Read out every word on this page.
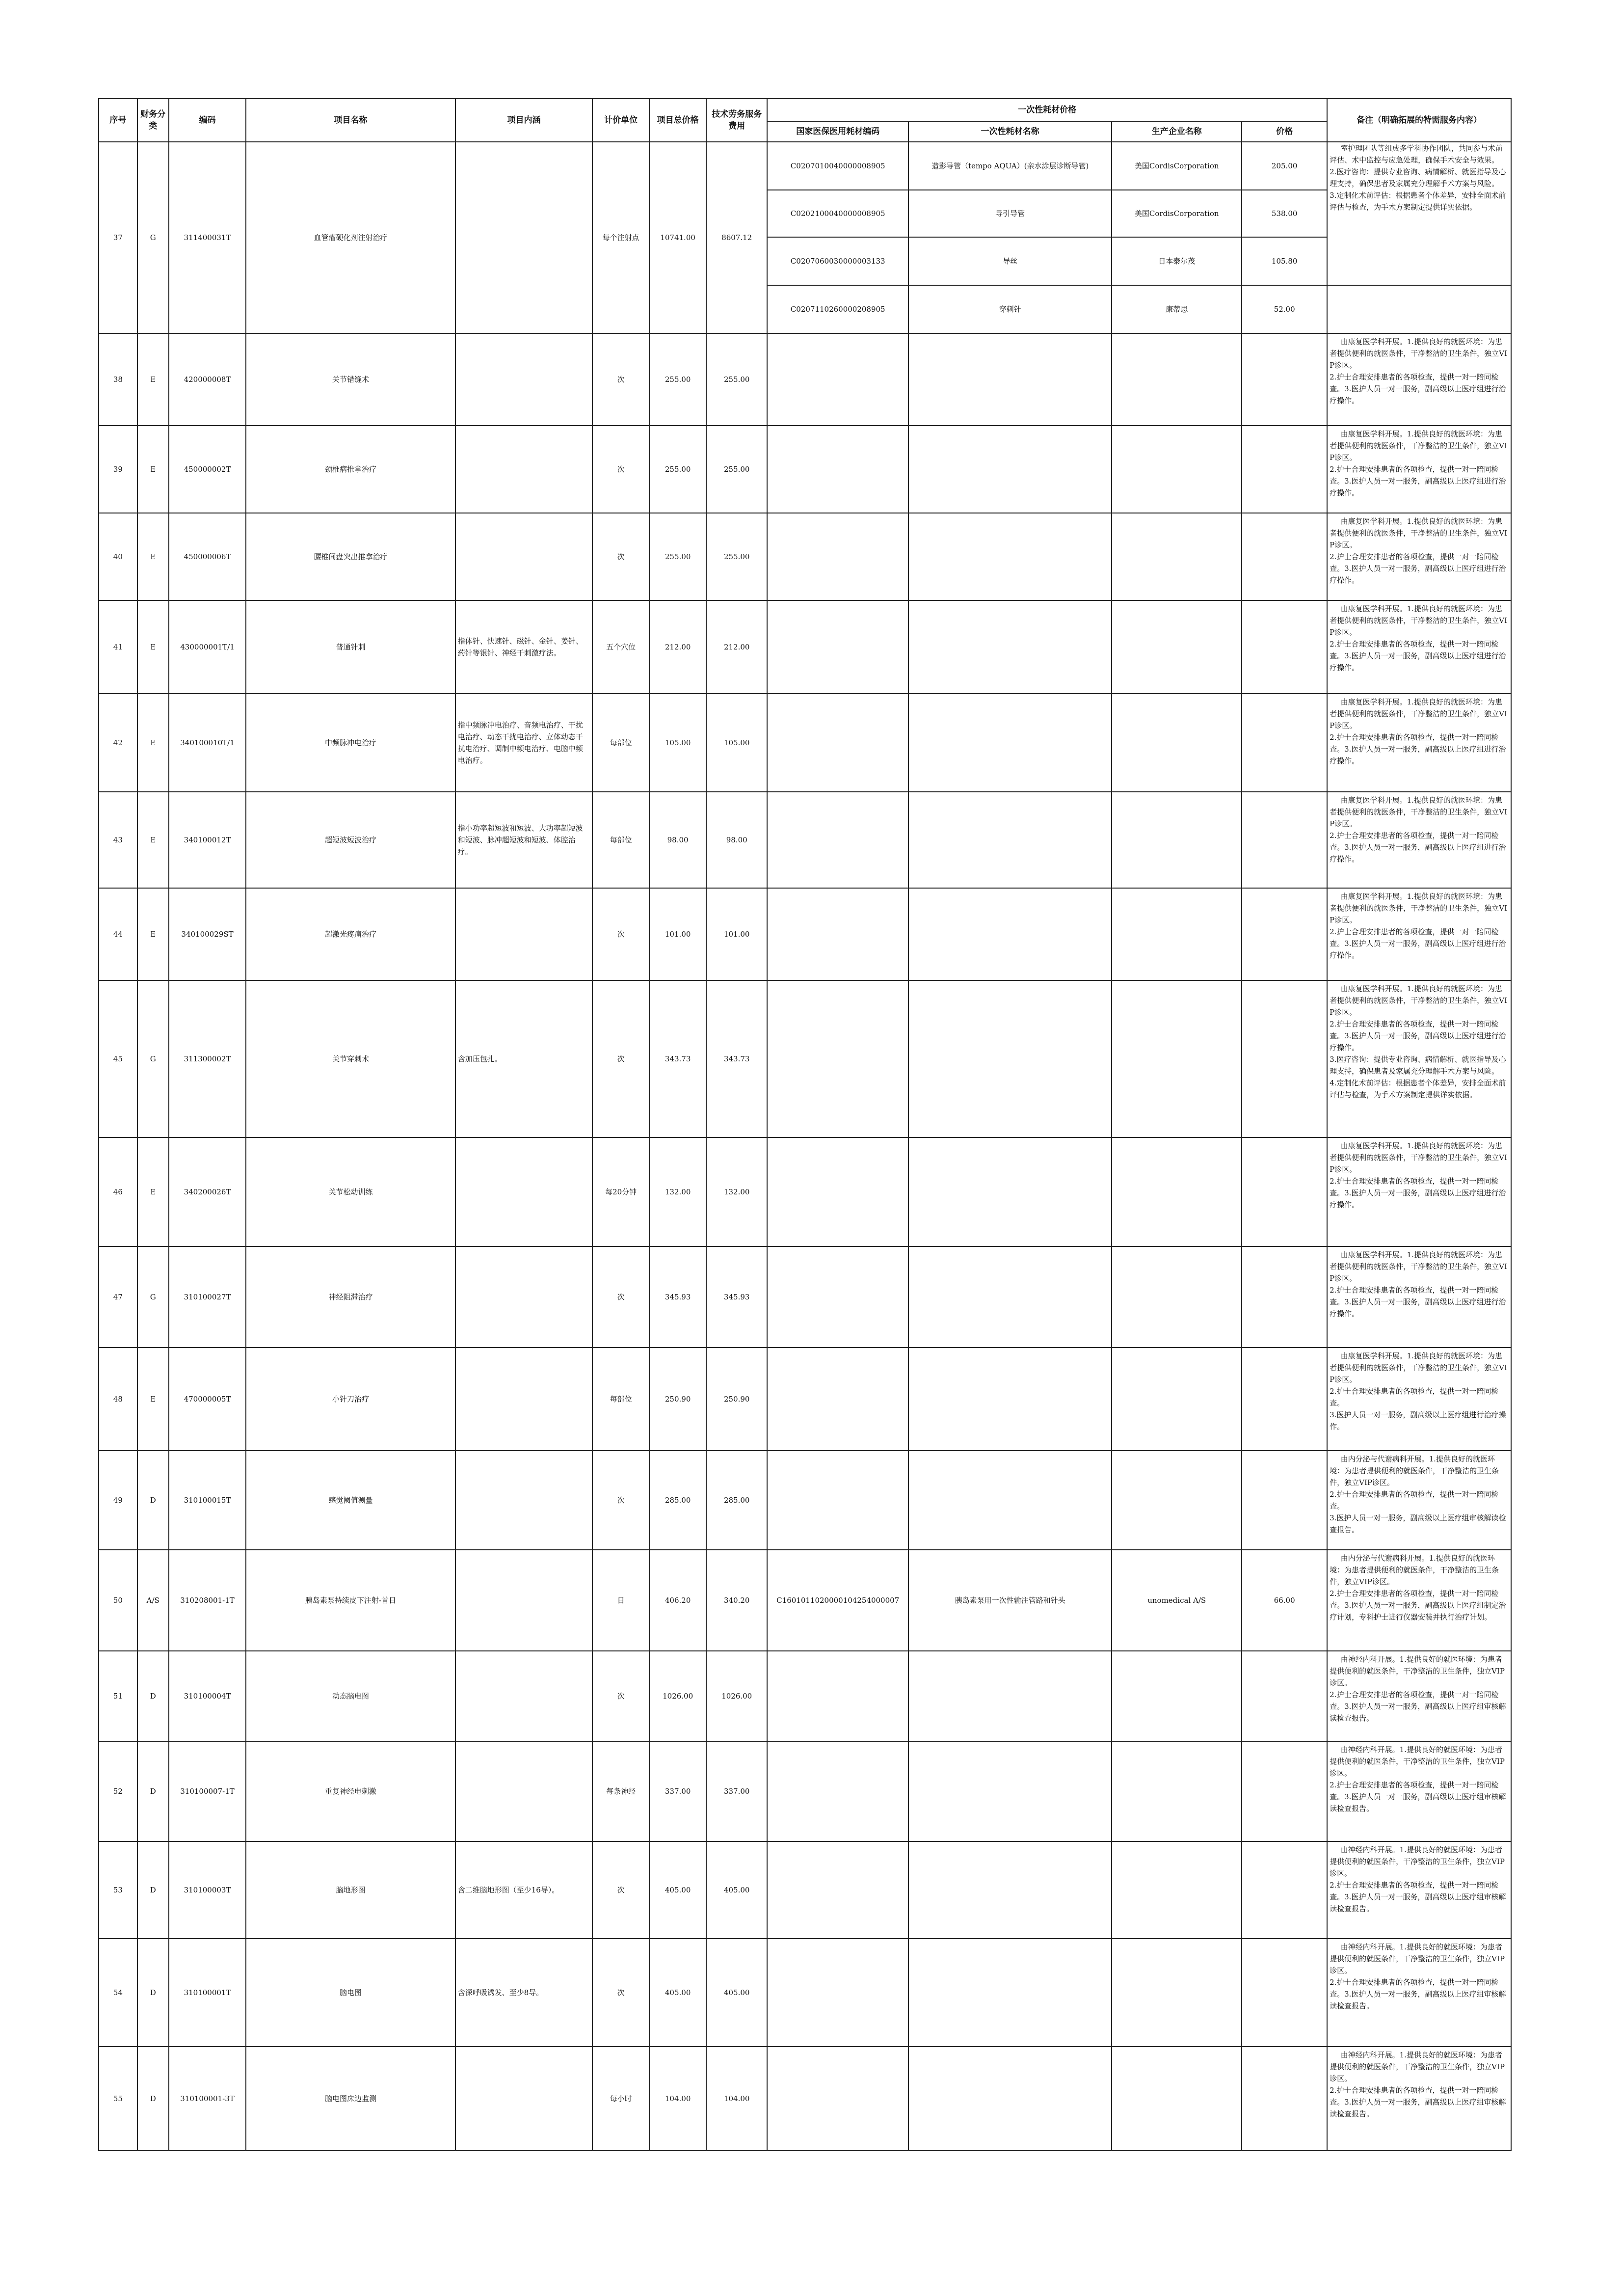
序号	财务分类	编码	项目名称	项目内涵	计价单位	项目总价格	技术劳务服务费用	一次性耗材价格				备注（明确拓展的特需服务内容）
								国家医保医用耗材编码	一次性耗材名称	生产企业名称	价格	
37	G	311400031T	血管瘤硬化剂注射治疗		每个注射点	10741.00	8607.12	C0207010040000008905	造影导管（tempo AQUA）(亲水涂层诊断导管)	美国CordisCorporation	205.00	室护理团队等组成多学科协作团队，共同参与术前评估、术中监控与应急处理，确保手术安全与效果。
2.医疗咨询：提供专业咨询、病情解析、就医指导及心理支持，确保患者及家属充分理解手术方案与风险。
3.定制化术前评估：根据患者个体差异，安排全面术前评估与检查，为手术方案制定提供详实依据。

								C0202100040000008905	导引导管	美国CordisCorporation	538.00	
								C0207060030000003133	导丝	日本泰尔茂	105.80	
								C0207110260000208905	穿刺针	康蒂思	52.00	
38	E	420000008T	关节错缝术		次	255.00	255.00					由康复医学科开展。1.提供良好的就医环境：为患者提供便利的就医条件，干净整洁的卫生条件，独立VIP诊区。
2.护士合理安排患者的各项检查，提供一对一陪同检查。3.医护人员一对一服务，副高级以上医疗组进行治疗操作。

39	E	450000002T	颈椎病推拿治疗		次	255.00	255.00					由康复医学科开展。1.提供良好的就医环境：为患者提供便利的就医条件，干净整洁的卫生条件，独立VIP诊区。
2.护士合理安排患者的各项检查，提供一对一陪同检查。3.医护人员一对一服务，副高级以上医疗组进行治疗操作。

40	E	450000006T	腰椎间盘突出推拿治疗		次	255.00	255.00					由康复医学科开展。1.提供良好的就医环境：为患者提供便利的就医条件，干净整洁的卫生条件，独立VIP诊区。
2.护士合理安排患者的各项检查，提供一对一陪同检查。3.医护人员一对一服务，副高级以上医疗组进行治疗操作。

41	E	430000001T/1	普通针刺	指体针、快速针、磁针、金针、姜针、药针等银针、神经干刺激疗法。	五个穴位	212.00	212.00					由康复医学科开展。1.提供良好的就医环境：为患者提供便利的就医条件，干净整洁的卫生条件，独立VIP诊区。
2.护士合理安排患者的各项检查，提供一对一陪同检查。3.医护人员一对一服务，副高级以上医疗组进行治疗操作。

42	E	340100010T/1	中频脉冲电治疗	指中频脉冲电治疗、音频电治疗、干扰电治疗、动态干扰电治疗、立体动态干扰电治疗、调制中频电治疗、电脑中频电治疗。	每部位	105.00	105.00					由康复医学科开展。1.提供良好的就医环境：为患者提供便利的就医条件，干净整洁的卫生条件，独立VIP诊区。
2.护士合理安排患者的各项检查，提供一对一陪同检查。3.医护人员一对一服务，副高级以上医疗组进行治疗操作。

43	E	340100012T	超短波短波治疗	指小功率超短波和短波、大功率超短波和短波、脉冲超短波和短波、体腔治疗。	每部位	98.00	98.00					由康复医学科开展。1.提供良好的就医环境：为患者提供便利的就医条件，干净整洁的卫生条件，独立VIP诊区。
2.护士合理安排患者的各项检查，提供一对一陪同检查。3.医护人员一对一服务，副高级以上医疗组进行治疗操作。

44	E	340100029ST	超激光疼痛治疗		次	101.00	101.00					由康复医学科开展。1.提供良好的就医环境：为患者提供便利的就医条件，干净整洁的卫生条件，独立VIP诊区。
2.护士合理安排患者的各项检查，提供一对一陪同检查。3.医护人员一对一服务，副高级以上医疗组进行治疗操作。

45	G	311300002T	关节穿刺术	含加压包扎。	次	343.73	343.73					由康复医学科开展。1.提供良好的就医环境：为患者提供便利的就医条件，干净整洁的卫生条件，独立VIP诊区。
2.护士合理安排患者的各项检查，提供一对一陪同检查。3.医护人员一对一服务，副高级以上医疗组进行治疗操作。
3.医疗咨询：提供专业咨询、病情解析、就医指导及心理支持，确保患者及家属充分理解手术方案与风险。
4.定制化术前评估：根据患者个体差异，安排全面术前评估与检查，为手术方案制定提供详实依据。

46	E	340200026T	关节松动训练		每20分钟	132.00	132.00					由康复医学科开展。1.提供良好的就医环境：为患者提供便利的就医条件，干净整洁的卫生条件，独立VIP诊区。
2.护士合理安排患者的各项检查，提供一对一陪同检查。3.医护人员一对一服务，副高级以上医疗组进行治疗操作。

47	G	310100027T	神经阻滞治疗		次	345.93	345.93					由康复医学科开展。1.提供良好的就医环境：为患者提供便利的就医条件，干净整洁的卫生条件，独立VIP诊区。
2.护士合理安排患者的各项检查，提供一对一陪同检查。3.医护人员一对一服务，副高级以上医疗组进行治疗操作。

48	E	470000005T	小针刀治疗		每部位	250.90	250.90					由康复医学科开展。1.提供良好的就医环境：为患者提供便利的就医条件，干净整洁的卫生条件，独立VIP诊区。
2.护士合理安排患者的各项检查，提供一对一陪同检查。
3.医护人员一对一服务，副高级以上医疗组进行治疗操作。

49	D	310100015T	感觉阈值测量		次	285.00	285.00					由内分泌与代谢病科开展。1.提供良好的就医环境：为患者提供便利的就医条件，干净整洁的卫生条件，独立VIP诊区。
2.护士合理安排患者的各项检查，提供一对一陪同检查。
3.医护人员一对一服务，副高级以上医疗组审核解读检查报告。

50	A/S	310208001-1T	胰岛素泵持续皮下注射-首日		日	406.20	340.20	C1601011020000104254000007	胰岛素泵用一次性输注管路和针头	unomedical A/S	66.00	由内分泌与代谢病科开展。1.提供良好的就医环境：为患者提供便利的就医条件，干净整洁的卫生条件，独立VIP诊区。
2.护士合理安排患者的各项检查，提供一对一陪同检查。3.医护人员一对一服务，副高级以上医疗组制定治疗计划，专科护士进行仪器安装并执行治疗计划。

51	D	310100004T	动态脑电图		次	1026.00	1026.00					由神经内科开展。1.提供良好的就医环境：为患者提供便利的就医条件，干净整洁的卫生条件，独立VIP诊区。
2.护士合理安排患者的各项检查，提供一对一陪同检查。3.医护人员一对一服务，副高级以上医疗组审核解读检查报告。

52	D	310100007-1T	重复神经电刺激		每条神经	337.00	337.00					由神经内科开展。1.提供良好的就医环境：为患者提供便利的就医条件，干净整洁的卫生条件，独立VIP诊区。
2.护士合理安排患者的各项检查，提供一对一陪同检查。3.医护人员一对一服务，副高级以上医疗组审核解读检查报告。

53	D	310100003T	脑地形图	含二维脑地形图（至少16导）。	次	405.00	405.00					由神经内科开展。1.提供良好的就医环境：为患者提供便利的就医条件，干净整洁的卫生条件，独立VIP诊区。
2.护士合理安排患者的各项检查，提供一对一陪同检查。3.医护人员一对一服务，副高级以上医疗组审核解读检查报告。

54	D	310100001T	脑电图	含深呼吸诱发、至少8导。	次	405.00	405.00					由神经内科开展。1.提供良好的就医环境：为患者提供便利的就医条件，干净整洁的卫生条件，独立VIP诊区。
2.护士合理安排患者的各项检查，提供一对一陪同检查。3.医护人员一对一服务，副高级以上医疗组审核解读检查报告。

55	D	310100001-3T	脑电图床边监测		每小时	104.00	104.00					由神经内科开展。1.提供良好的就医环境：为患者提供便利的就医条件，干净整洁的卫生条件，独立VIP诊区。
2.护士合理安排患者的各项检查，提供一对一陪同检查。3.医护人员一对一服务，副高级以上医疗组审核解读检查报告。
